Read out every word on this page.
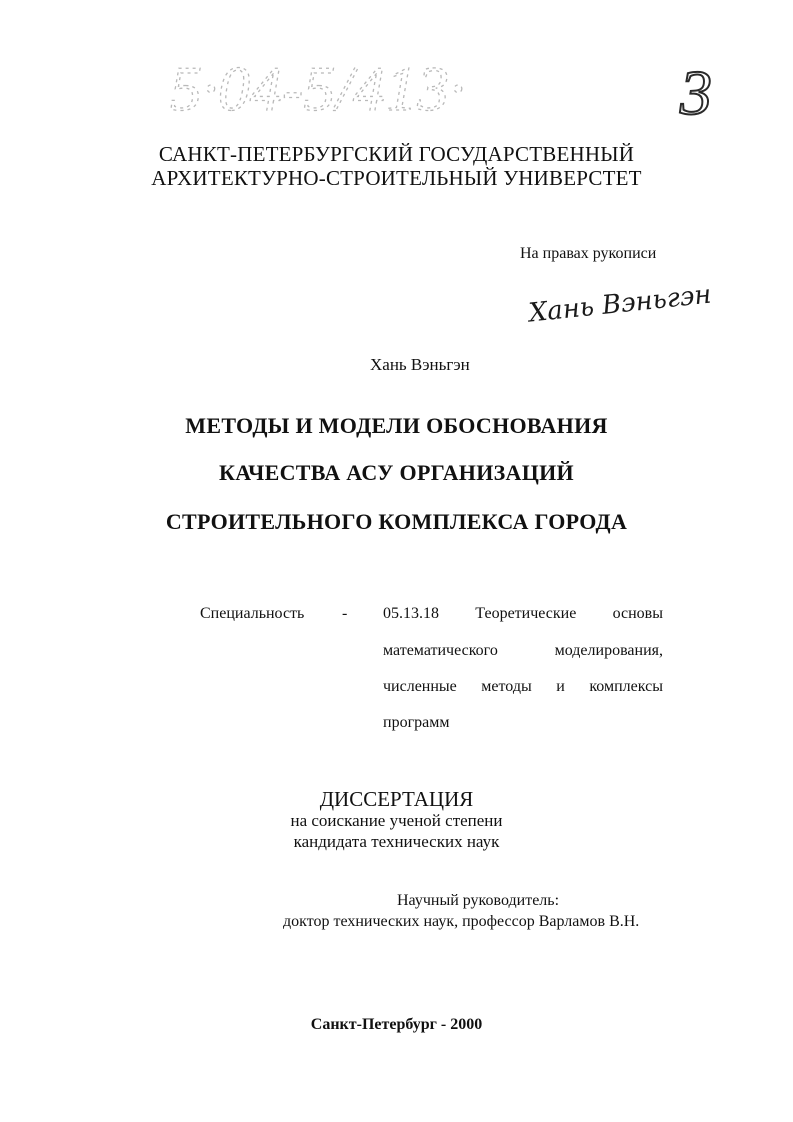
5·04-5/413·	3
САНКТ-ПЕТЕРБУРГСКИЙ ГОСУДАРСТВЕННЫЙ
АРХИТЕКТУРНО-СТРОИТЕЛЬНЫЙ УНИВЕРСТЕТ
На правах рукописи
Хань Вэньгэн
Хань Вэньгэн
МЕТОДЫ И МОДЕЛИ ОБОСНОВАНИЯ
КАЧЕСТВА АСУ ОРГАНИЗАЦИЙ
СТРОИТЕЛЬНОГО КОМПЛЕКСА ГОРОДА
Специальность - 05.13.18 Теоретические основы
математического	моделирования,
численные методы и комплексы
программ
ДИССЕРТАЦИЯ
на соискание ученой степени
кандидата технических наук
Научный руководитель:
доктор технических наук, профессор Варламов В.Н.
Санкт-Петербург - 2000
